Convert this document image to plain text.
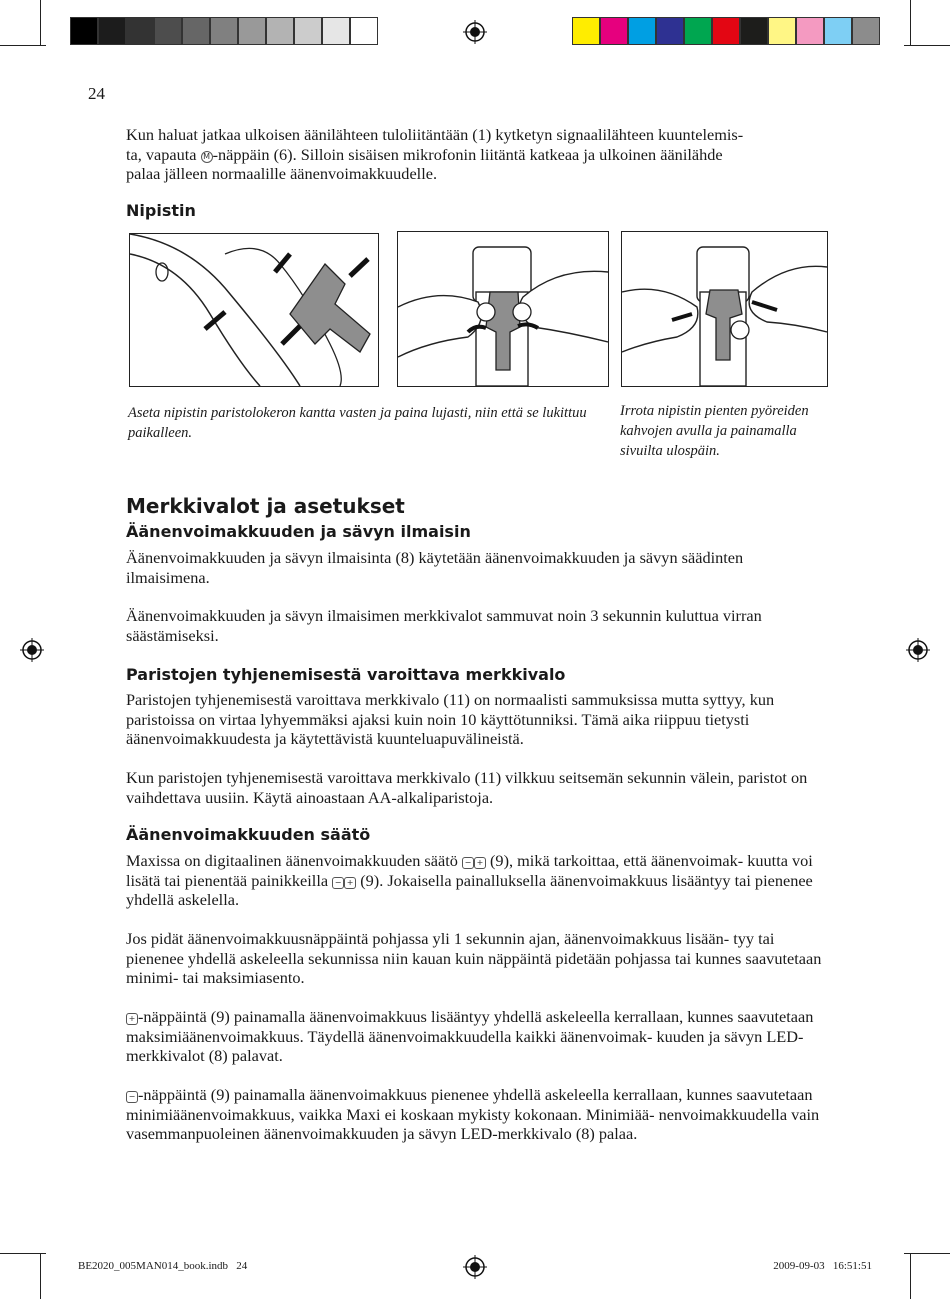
24
Kun haluat jatkaa ulkoisen äänilähteen tuloliitäntään (1) kytketyn signaalilähteen kuuntelemis-
ta, vapauta M -näppäin (6). Silloin sisäisen mikrofonin liitäntä katkeaa ja ulkoinen äänilähde
palaa jälleen normaalille äänenvoimakkuudelle.
Nipistin
Aseta nipistin paristolokeron kantta vasten ja paina lujasti, niin että se lukittuu paikalleen.
Irrota nipistin pienten pyöreiden kahvojen avulla ja painamalla sivuilta ulospäin.
Merkkivalot ja asetukset
Äänenvoimakkuuden ja sävyn ilmaisin

Äänenvoimakkuuden ja sävyn ilmaisinta (8) käytetään äänenvoimakkuuden ja sävyn säädinten ilmaisimena.

Äänenvoimakkuuden ja sävyn ilmaisimen merkkivalot sammuvat noin 3 sekunnin kuluttua virran säästämiseksi.

Paristojen tyhjenemisestä varoittava merkkivalo

Paristojen tyhjenemisestä varoittava merkkivalo (11) on normaalisti sammuksissa mutta syttyy, kun paristoissa on virtaa lyhyemmäksi ajaksi kuin noin 10 käyttötunniksi. Tämä aika riippuu tietysti äänenvoimakkuudesta ja käytettävistä kuunteluapuvälineistä.

Kun paristojen tyhjenemisestä varoittava merkkivalo (11) vilkkuu seitsemän sekunnin välein, paristot on vaihdettava uusiin. Käytä ainoastaan AA-alkaliparistoja.

Äänenvoimakkuuden säätö

Maxissa on digitaalinen äänenvoimakkuuden säätö − + (9), mikä tarkoittaa, että äänenvoimak- kuutta voi lisätä tai pienentää painikkeilla − + (9). Jokaisella painalluksella äänenvoimakkuus lisääntyy tai pienenee yhdellä askelella.

Jos pidät äänenvoimakkuusnäppäintä pohjassa yli 1 sekunnin ajan, äänenvoimakkuus lisään- tyy tai pienenee yhdellä askeleella sekunnissa niin kauan kuin näppäintä pidetään pohjassa tai kunnes saavutetaan minimi- tai maksimiasento.

+ -näppäintä (9) painamalla äänenvoimakkuus lisääntyy yhdellä askeleella kerrallaan, kunnes saavutetaan maksimiäänenvoimakkuus. Täydellä äänenvoimakkuudella kaikki äänenvoimak- kuuden ja sävyn LED-merkkivalot (8) palavat.

− -näppäintä (9) painamalla äänenvoimakkuus pienenee yhdellä askeleella kerrallaan, kunnes saavutetaan minimiäänenvoimakkuus, vaikka Maxi ei koskaan mykisty kokonaan. Minimiää- nenvoimakkuudella vain vasemmanpuoleinen äänenvoimakkuuden ja sävyn LED-merkkivalo (8) palaa.

BE2020_005MAN014_book.indb   24	2009-09-03   16:51:51
